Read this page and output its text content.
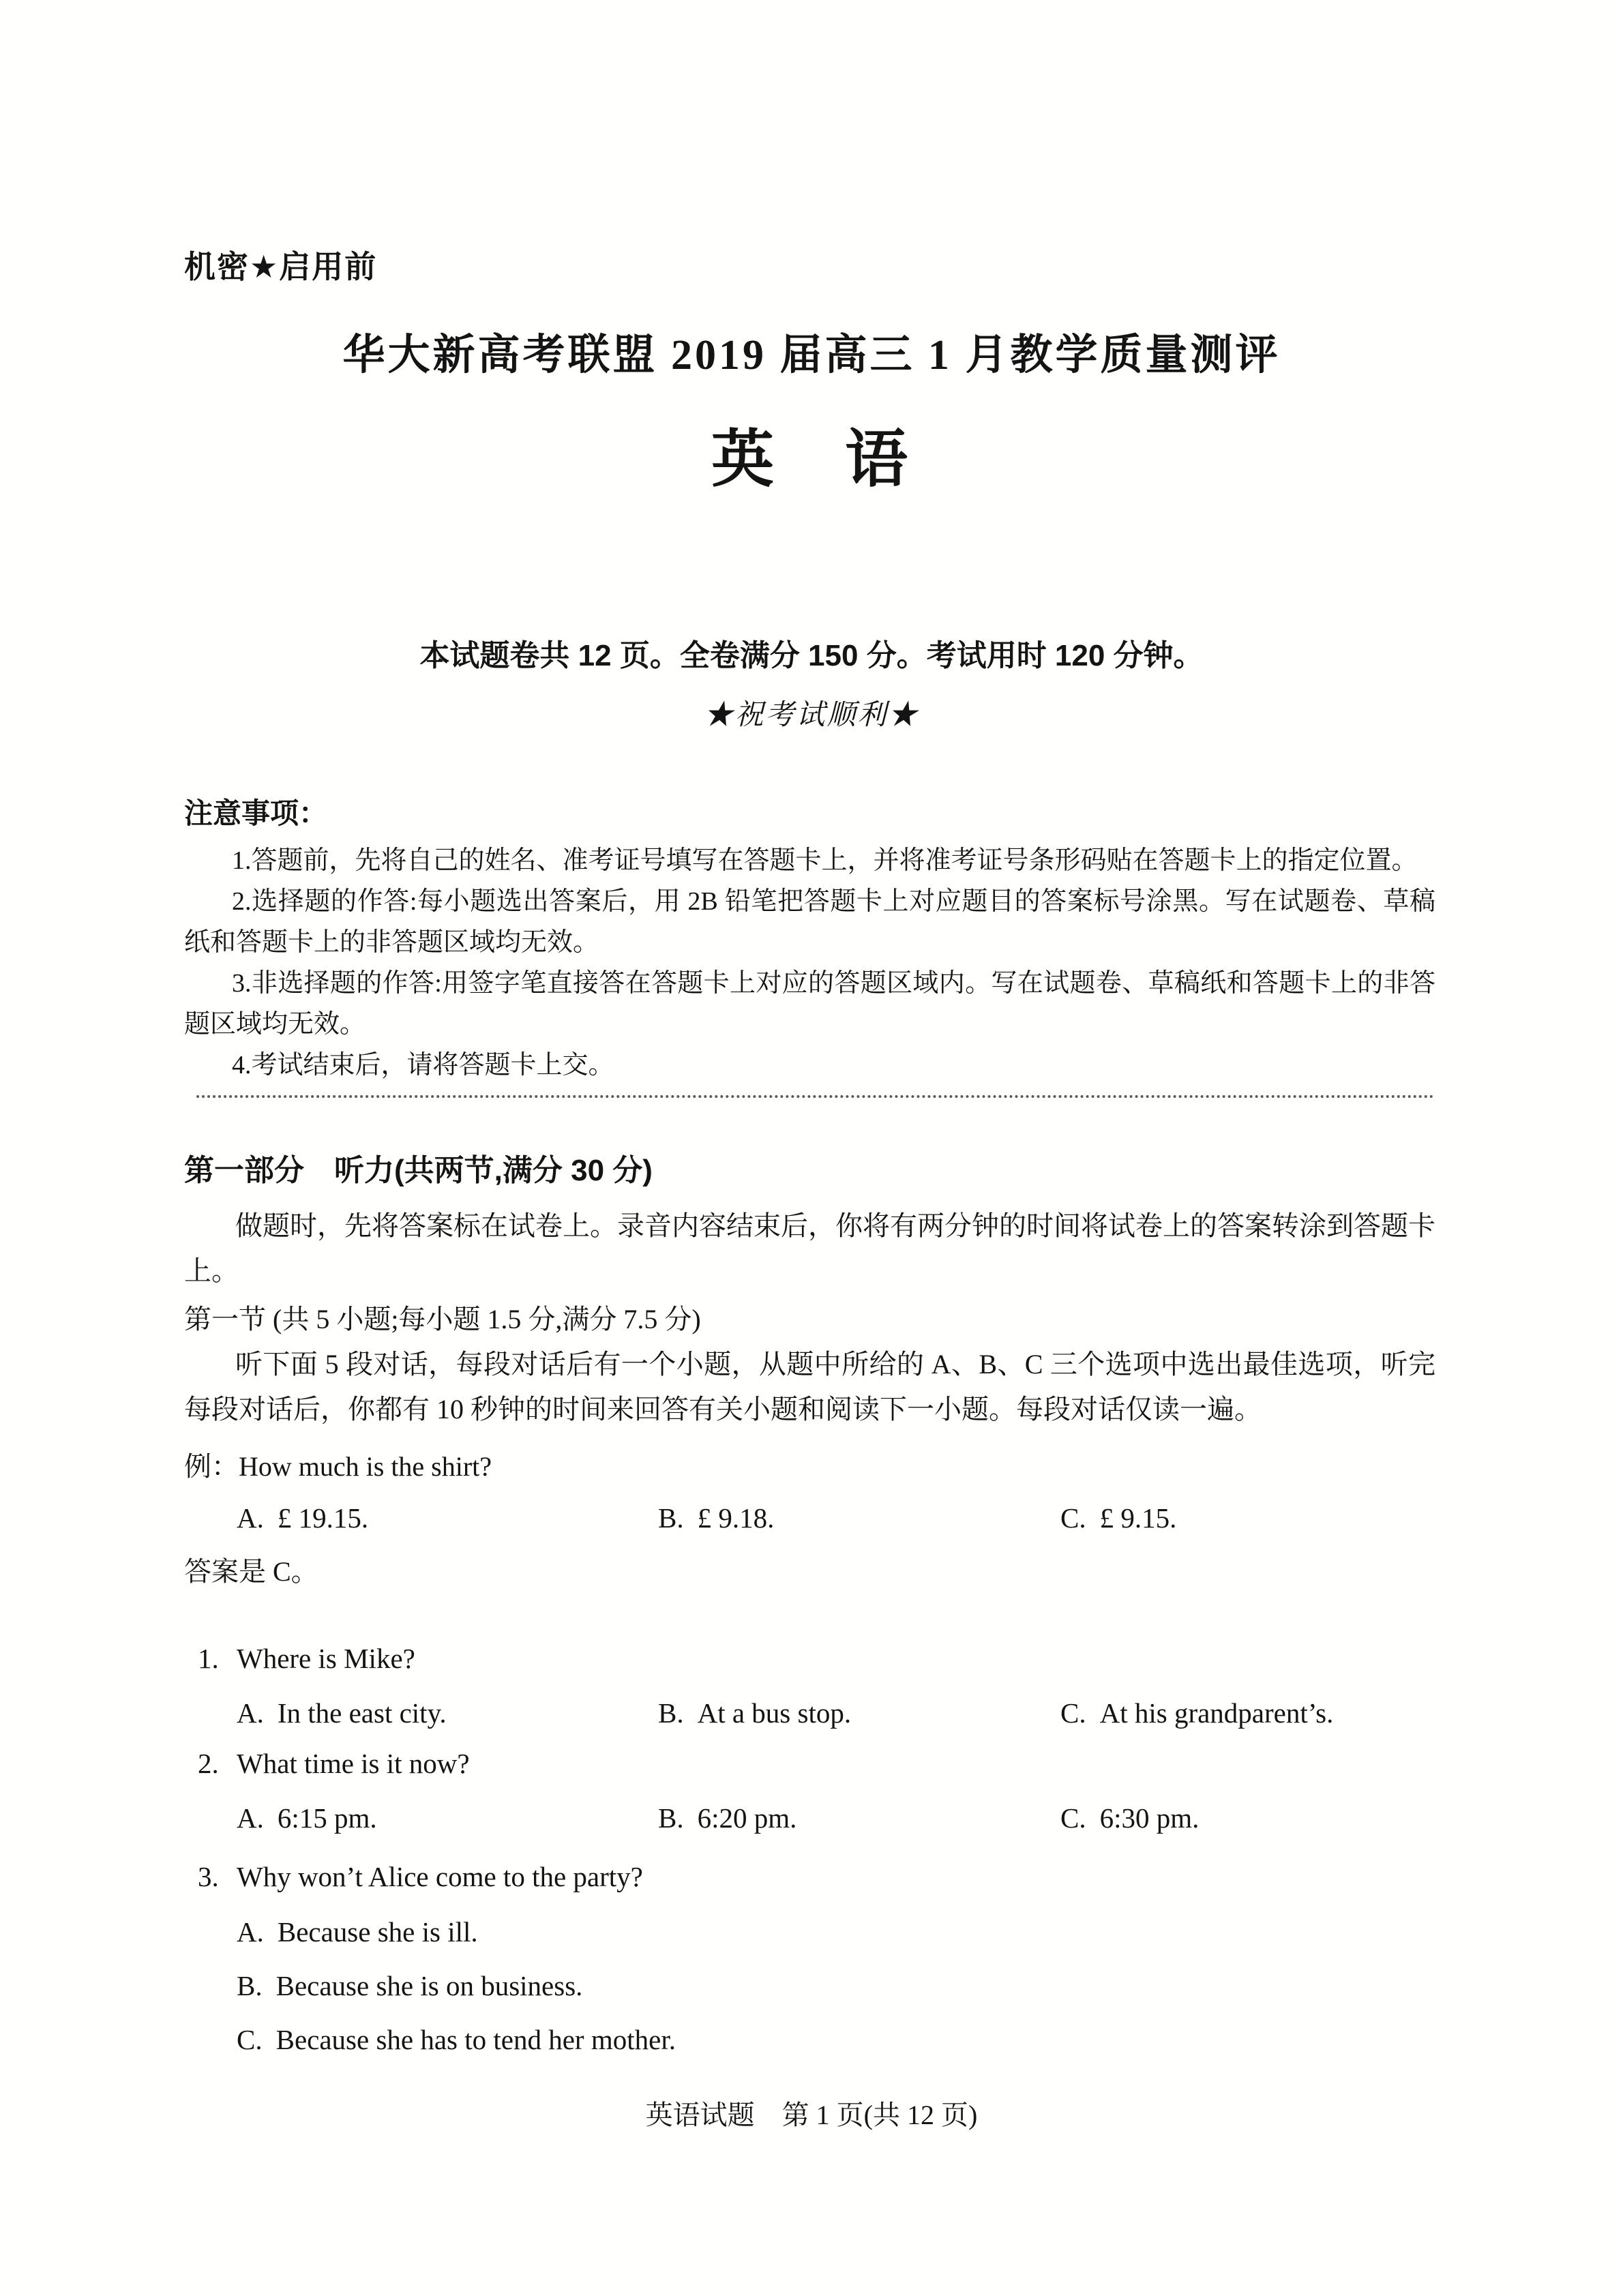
机密★启用前
华大新高考联盟 2019 届高三 1 月教学质量测评
英　语
本试题卷共 12 页。全卷满分 150 分。考试用时 120 分钟。
★祝考试顺利★
注意事项：

1.答题前，先将自己的姓名、准考证号填写在答题卡上，并将准考证号条形码贴在答题卡上的指定位置。

2.选择题的作答:每小题选出答案后，用 2B 铅笔把答题卡上对应题目的答案标号涂黑。写在试题卷、草稿纸和答题卡上的非答题区域均无效。

3.非选择题的作答:用签字笔直接答在答题卡上对应的答题区域内。写在试题卷、草稿纸和答题卡上的非答题区域均无效。

4.考试结束后，请将答题卡上交。

第一部分　听力(共两节,满分 30 分)

做题时，先将答案标在试卷上。录音内容结束后，你将有两分钟的时间将试卷上的答案转涂到答题卡上。

第一节 (共 5 小题;每小题 1.5 分,满分 7.5 分)

听下面 5 段对话，每段对话后有一个小题，从题中所给的 A、B、C 三个选项中选出最佳选项，听完每段对话后，你都有 10 秒钟的时间来回答有关小题和阅读下一小题。每段对话仅读一遍。

例：How much is the shirt?

A. £ 19.15.	B. £ 9.18.	C. £ 9.15.

答案是 C。

1. Where is Mike?
A. In the east city.	B. At a bus stop.	C. At his grandparent’s.
2. What time is it now?
A. 6:15 pm.	B. 6:20 pm.	C. 6:30 pm.
3. Why won’t Alice come to the party?
A. Because she is ill.
B. Because she is on business.
C. Because she has to tend her mother.
英语试题　第 1 页(共 12 页)
